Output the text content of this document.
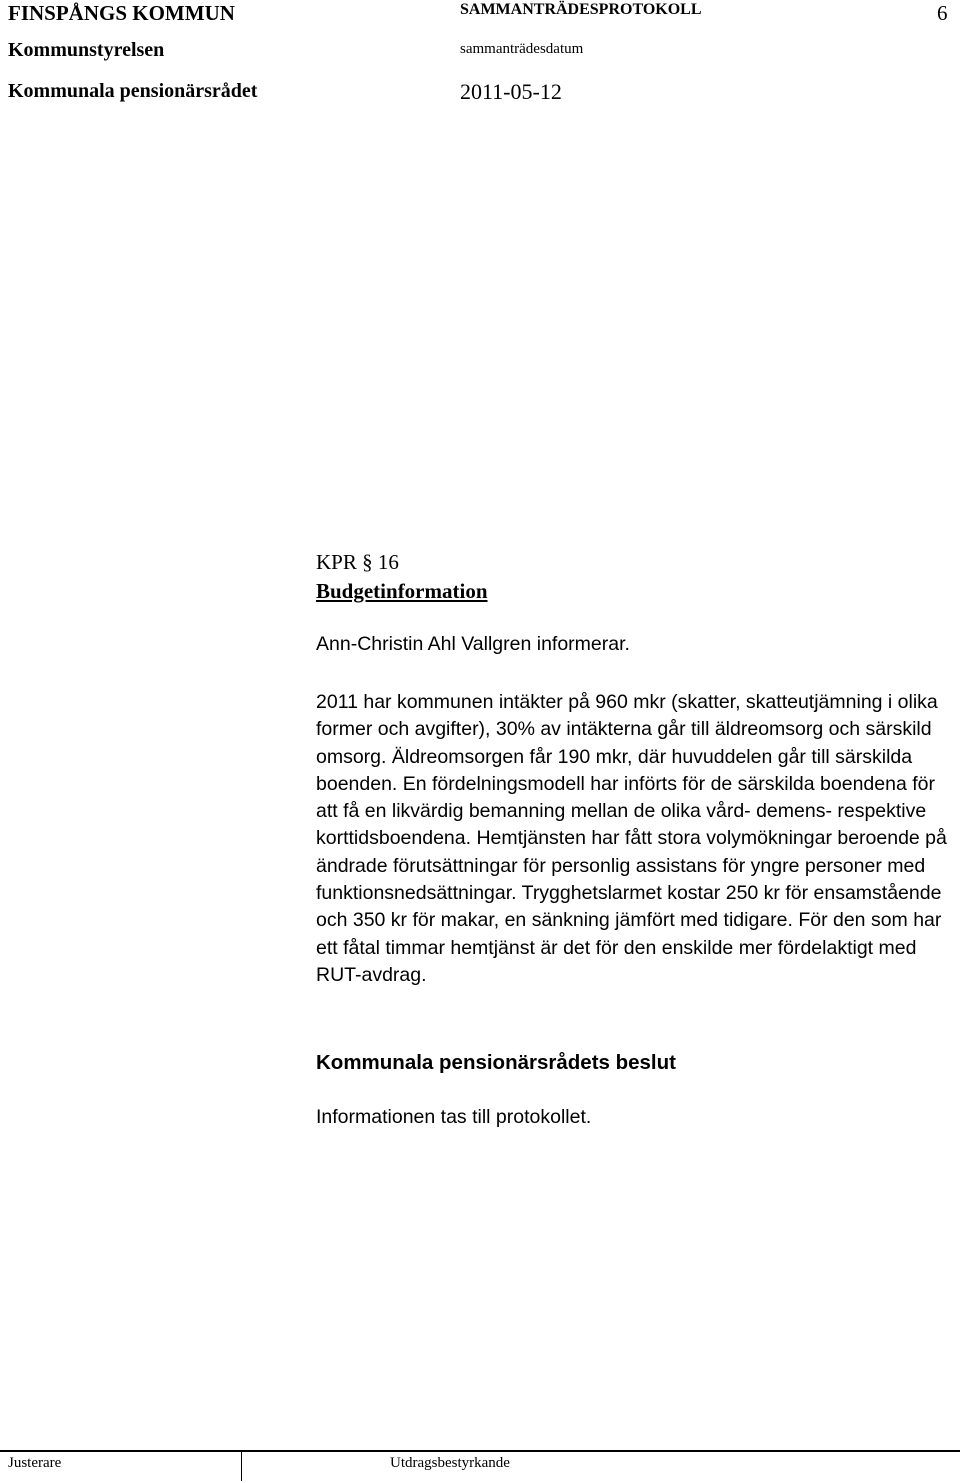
FINSPÅNGS KOMMUN	SAMMANTRÄDESPROTOKOLL	6
Kommunstyrelsen	sammanträdesdatum
Kommunala pensionärsrådet	2011-05-12
KPR § 16
Budgetinformation
Ann-Christin Ahl Vallgren informerar.
2011 har kommunen intäkter på 960 mkr (skatter, skatteutjämning i olika former och avgifter), 30% av intäkterna går till äldreomsorg och särskild omsorg. Äldreomsorgen får 190 mkr, där huvuddelen går till särskilda boenden. En fördelningsmodell har införts för de särskilda boendena för att få en likvärdig bemanning mellan de olika vård- demens- respektive korttidsboendena. Hemtjänsten har fått stora volymökningar beroende på ändrade förutsättningar för personlig assistans för yngre personer med funktionsnedsättningar. Trygghetslarmet kostar 250 kr för ensamstående och 350 kr för makar, en sänkning jämfört med tidigare. För den som har ett fåtal timmar hemtjänst är det för den enskilde mer fördelaktigt med RUT-avdrag.
Kommunala pensionärsrådets beslut
Informationen tas till protokollet.
Justerare	Utdragsbestyrkande
